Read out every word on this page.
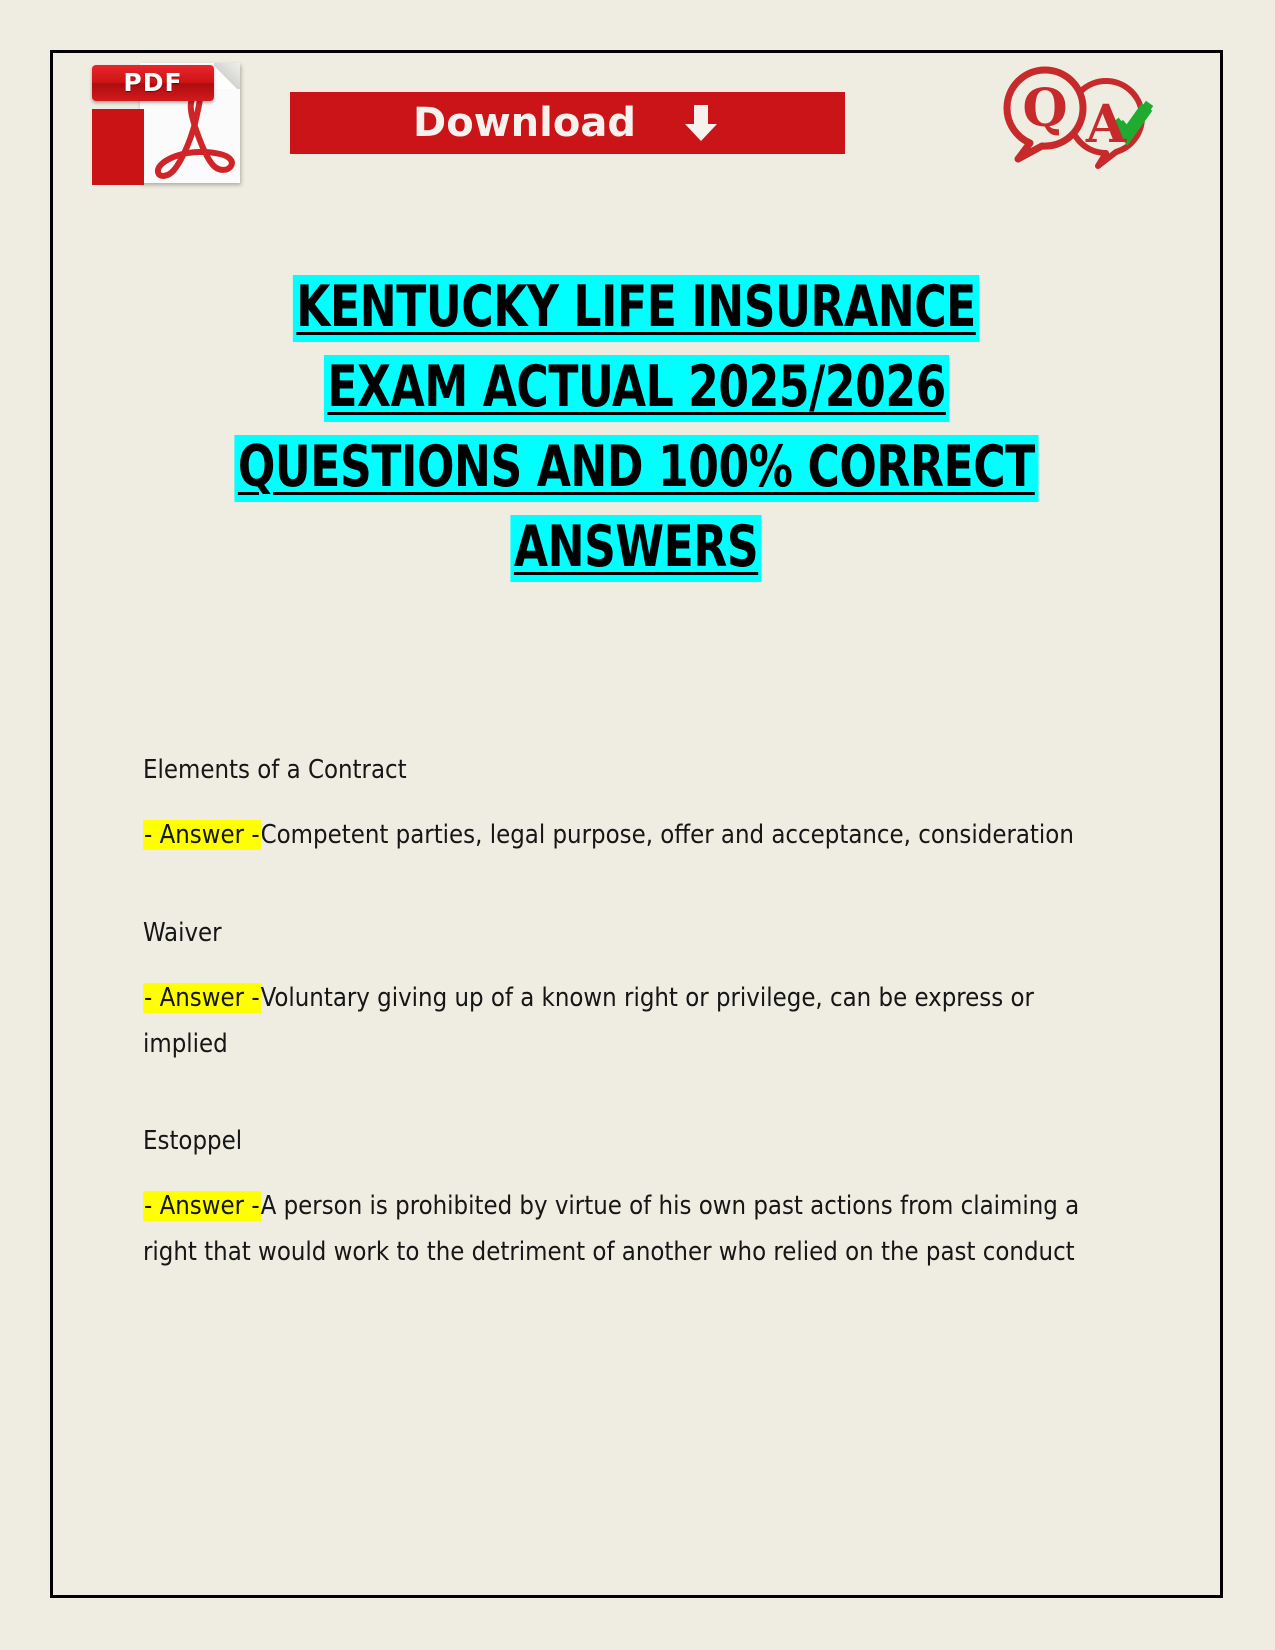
PDF
Download	Q A
KENTUCKY LIFE INSURANCE
EXAM ACTUAL 2025/2026
QUESTIONS AND 100% CORRECT
ANSWERS

Elements of a Contract

- Answer -Competent parties, legal purpose, offer and acceptance, consideration

Waiver

- Answer -Voluntary giving up of a known right or privilege, can be express or implied

Estoppel

- Answer -A person is prohibited by virtue of his own past actions from claiming a right that would work to the detriment of another who relied on the past conduct
